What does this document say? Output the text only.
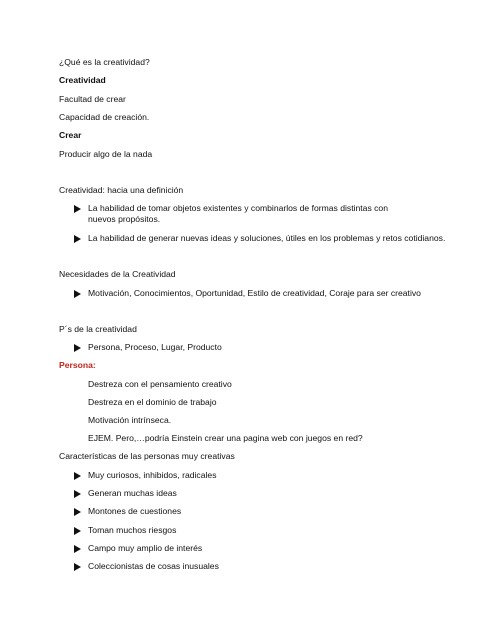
¿Qué es la creatividad?
Creatividad
Facultad de crear
Capacidad de creación.
Crear
Producir algo de la nada
Creatividad: hacia una definición
La habilidad de tomar objetos existentes y combinarlos de formas distintas con nuevos propósitos.
La habilidad de generar nuevas ideas y soluciones, útiles en los problemas y retos cotidianos.
Necesidades de la Creatividad
Motivación, Conocimientos, Oportunidad, Estilo de creatividad, Coraje para ser creativo
P´s de la creatividad
Persona, Proceso, Lugar, Producto
Persona:
Destreza con el pensamiento creativo
Destreza en el dominio de trabajo
Motivación intrínseca.
EJEM. Pero,…podría Einstein crear una pagina web con juegos en red?
Características de las personas muy creativas
Muy curiosos, inhibidos, radicales
Generan muchas ideas
Montones de cuestiones
Toman muchos riesgos
Campo muy amplio de interés
Coleccionistas de cosas inusuales
